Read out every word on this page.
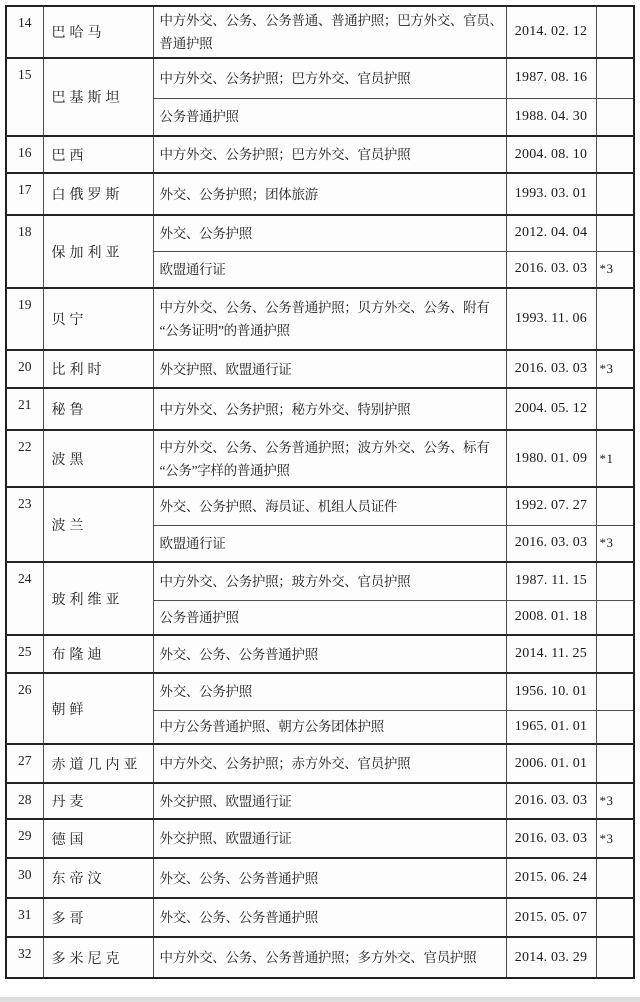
14	巴哈马	中方外交、公务、公务普通、普通护照；巴方外交、官员、普通护照	2014. 02. 12	
15	巴基斯坦	中方外交、公务护照；巴方外交、官员护照	1987. 08. 16	
		公务普通护照	1988. 04. 30	
16	巴西	中方外交、公务护照；巴方外交、官员护照	2004. 08. 10	
17	白俄罗斯	外交、公务护照；团体旅游	1993. 03. 01	
18	保加利亚	外交、公务护照	2012. 04. 04	
		欧盟通行证	2016. 03. 03	*3
19	贝宁	中方外交、公务、公务普通护照；贝方外交、公务、附有“公务证明”的普通护照	1993. 11. 06	
20	比利时	外交护照、欧盟通行证	2016. 03. 03	*3
21	秘鲁	中方外交、公务护照；秘方外交、特别护照	2004. 05. 12	
22	波黑	中方外交、公务、公务普通护照；波方外交、公务、标有“公务”字样的普通护照	1980. 01. 09	*1
23	波兰	外交、公务护照、海员证、机组人员证件	1992. 07. 27	
		欧盟通行证	2016. 03. 03	*3
24	玻利维亚	中方外交、公务护照；玻方外交、官员护照	1987. 11. 15	
		公务普通护照	2008. 01. 18	
25	布隆迪	外交、公务、公务普通护照	2014. 11. 25	
26	朝鲜	外交、公务护照	1956. 10. 01	
		中方公务普通护照、朝方公务团体护照	1965. 01. 01	
27	赤道几内亚	中方外交、公务护照；赤方外交、官员护照	2006. 01. 01	
28	丹麦	外交护照、欧盟通行证	2016. 03. 03	*3
29	德国	外交护照、欧盟通行证	2016. 03. 03	*3
30	东帝汶	外交、公务、公务普通护照	2015. 06. 24	
31	多哥	外交、公务、公务普通护照	2015. 05. 07	
32	多米尼克	中方外交、公务、公务普通护照；多方外交、官员护照	2014. 03. 29	
